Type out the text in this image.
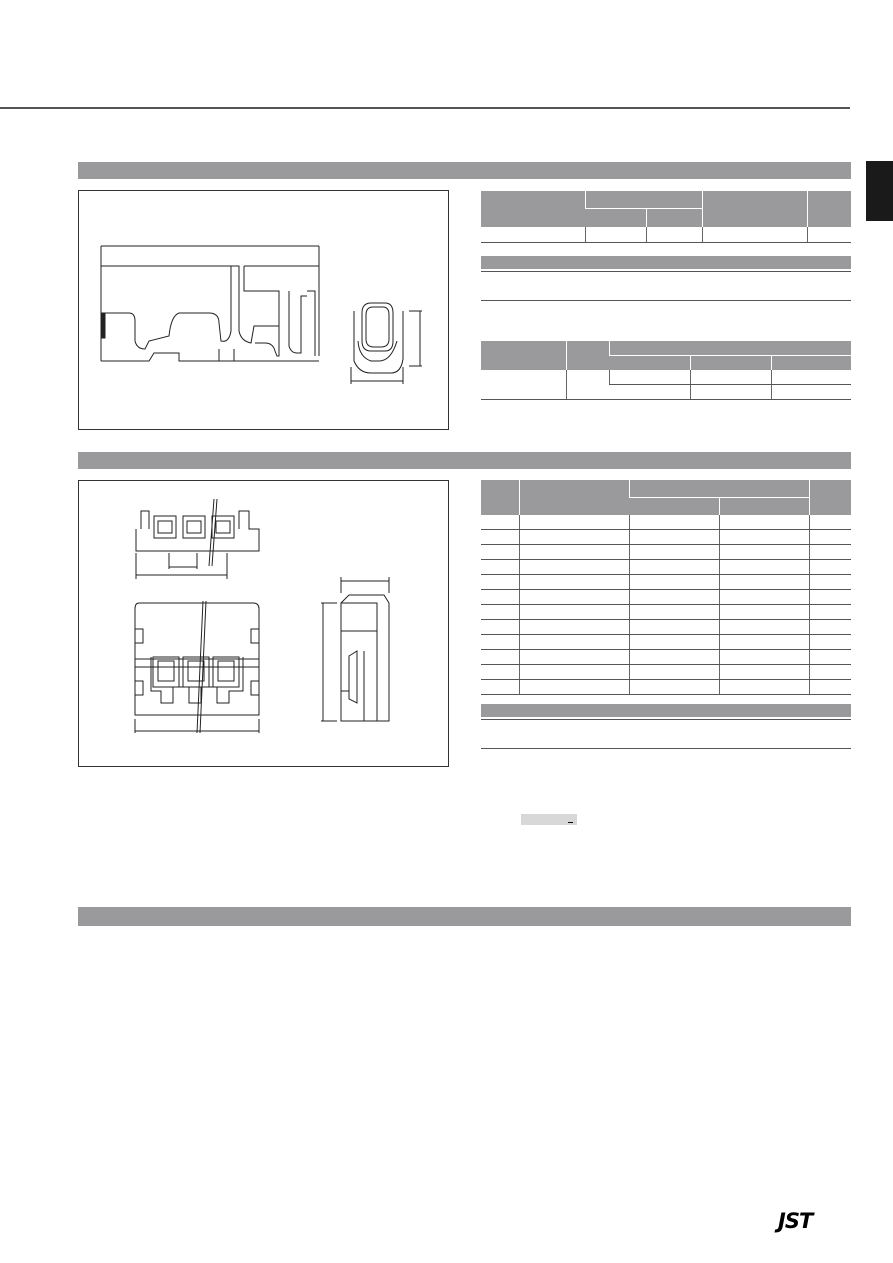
JST
